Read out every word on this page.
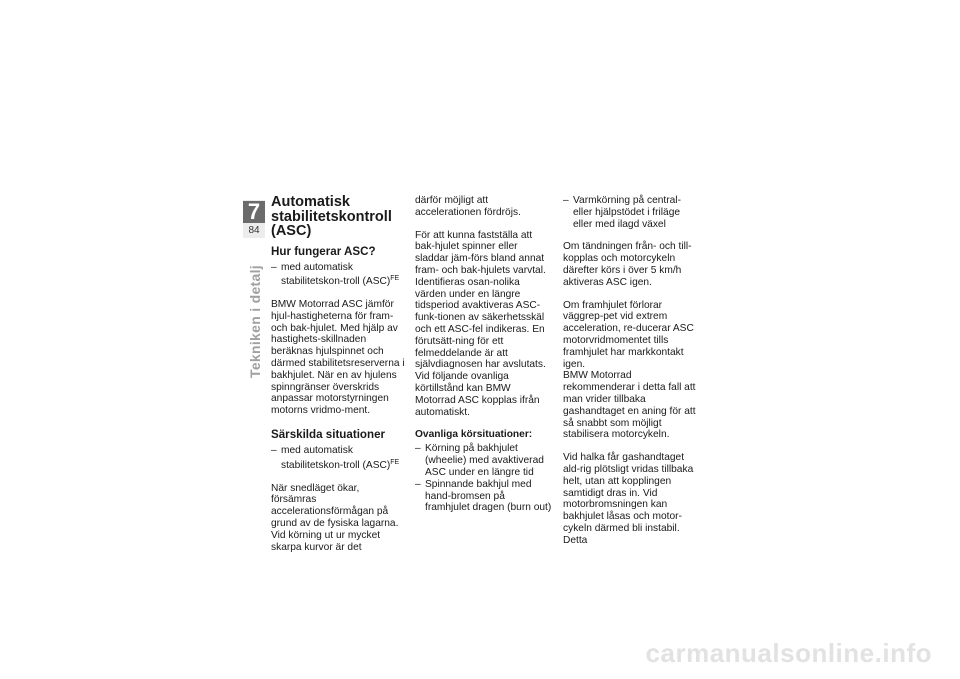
7
84
Tekniken i detalj
Automatisk
stabilitetskontroll
(ASC)
Hur fungerar ASC?
– med automatisk stabilitetskon-troll (ASC)$^{FE}$

BMW Motorrad ASC jämför hjul-hastigheterna för fram- och bak-hjulet. Med hjälp av hastighets-skillnaden beräknas hjulspinnet och därmed stabilitetsreserverna i bakhjulet. När en av hjulens spinngränser överskrids anpassar motorstyrningen motorns vridmo-ment.

Särskilda situationer
– med automatisk stabilitetskon-troll (ASC)$^{FE}$

När snedläget ökar, försämras accelerationsförmågan på grund av de fysiska lagarna. Vid körning ut ur mycket skarpa kurvor är det

därför möjligt att accelerationen fördröjs.

För att kunna fastställa att bak-hjulet spinner eller sladdar jäm-förs bland annat fram- och bak-hjulets varvtal. Identifieras osan-nolika värden under en längre tidsperiod avaktiveras ASC-funk-tionen av säkerhetsskäl och ett ASC-fel indikeras. En förutsätt-ning för ett felmeddelande är att självdiagnosen har avslutats.

Vid följande ovanliga körtillstånd kan BMW Motorrad ASC kopplas ifrån automatiskt.

Ovanliga körsituationer:
– Körning på bakhjulet (wheelie) med avaktiverad ASC under en längre tid
– Spinnande bakhjul med hand-bromsen på framhjulet dragen (burn out)
– Varmkörning på central- eller hjälpstödet i friläge eller med ilagd växel

Om tändningen från- och till-kopplas och motorcykeln därefter körs i över 5 km/h aktiveras ASC igen.

Om framhjulet förlorar väggrep-pet vid extrem acceleration, re-ducerar ASC motorvridmomentet tills framhjulet har markkontakt igen.

BMW Motorrad rekommenderar i detta fall att man vrider tillbaka gashandtaget en aning för att så snabbt som möjligt stabilisera motorcykeln.

Vid halka får gashandtaget ald-rig plötsligt vridas tillbaka helt, utan att kopplingen samtidigt dras in. Vid motorbromsningen kan bakhjulet låsas och motor-cykeln därmed bli instabil. Detta

carmanualsonline.info
